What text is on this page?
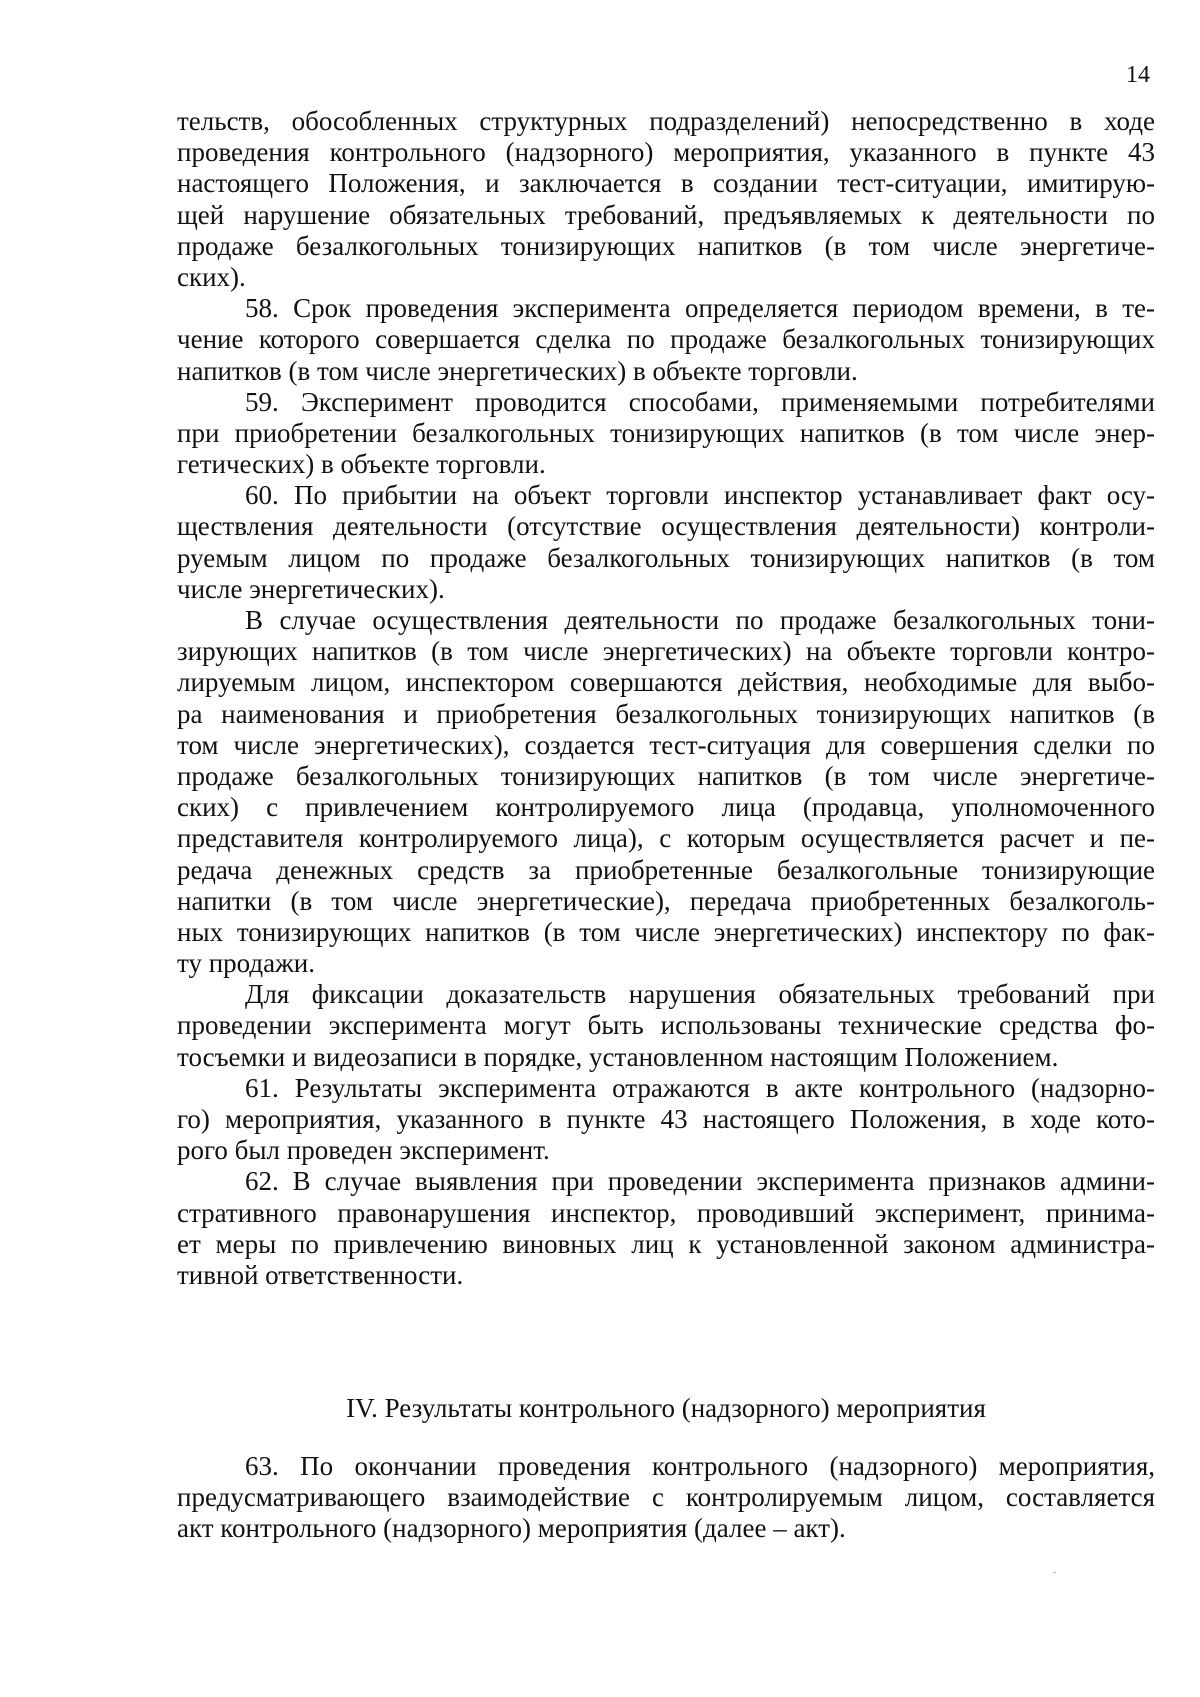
14
тельств, обособленных структурных подразделений) непосредственно в ходе
проведения контрольного (надзорного) мероприятия, указанного в пункте 43
настоящего Положения, и заключается в создании тест-ситуации, имитирую-
щей нарушение обязательных требований, предъявляемых к деятельности по
продаже безалкогольных тонизирующих напитков (в том числе энергетиче-
ских).
58. Срок проведения эксперимента определяется периодом времени, в те-
чение которого совершается сделка по продаже безалкогольных тонизирующих
напитков (в том числе энергетических) в объекте торговли.
59. Эксперимент проводится способами, применяемыми потребителями
при приобретении безалкогольных тонизирующих напитков (в том числе энер-
гетических) в объекте торговли.
60. По прибытии на объект торговли инспектор устанавливает факт осу-
ществления деятельности (отсутствие осуществления деятельности) контроли-
руемым лицом по продаже безалкогольных тонизирующих напитков (в том
числе энергетических).
В случае осуществления деятельности по продаже безалкогольных тони-
зирующих напитков (в том числе энергетических) на объекте торговли контро-
лируемым лицом, инспектором совершаются действия, необходимые для выбо-
ра наименования и приобретения безалкогольных тонизирующих напитков (в
том числе энергетических), создается тест-ситуация для совершения сделки по
продаже безалкогольных тонизирующих напитков (в том числе энергетиче-
ских) с привлечением контролируемого лица (продавца, уполномоченного
представителя контролируемого лица), с которым осуществляется расчет и пе-
редача денежных средств за приобретенные безалкогольные тонизирующие
напитки (в том числе энергетические), передача приобретенных безалкоголь-
ных тонизирующих напитков (в том числе энергетических) инспектору по фак-
ту продажи.
Для фиксации доказательств нарушения обязательных требований при
проведении эксперимента могут быть использованы технические средства фо-
тосъемки и видеозаписи в порядке, установленном настоящим Положением.
61. Результаты эксперимента отражаются в акте контрольного (надзорно-
го) мероприятия, указанного в пункте 43 настоящего Положения, в ходе кото-
рого был проведен эксперимент.
62. В случае выявления при проведении эксперимента признаков админи-
стративного правонарушения инспектор, проводивший эксперимент, принима-
ет меры по привлечению виновных лиц к установленной законом администра-
тивной ответственности.
IV. Результаты контрольного (надзорного) мероприятия
63. По окончании проведения контрольного (надзорного) мероприятия,
предусматривающего взаимодействие с контролируемым лицом, составляется
акт контрольного (надзорного) мероприятия (далее – акт).
